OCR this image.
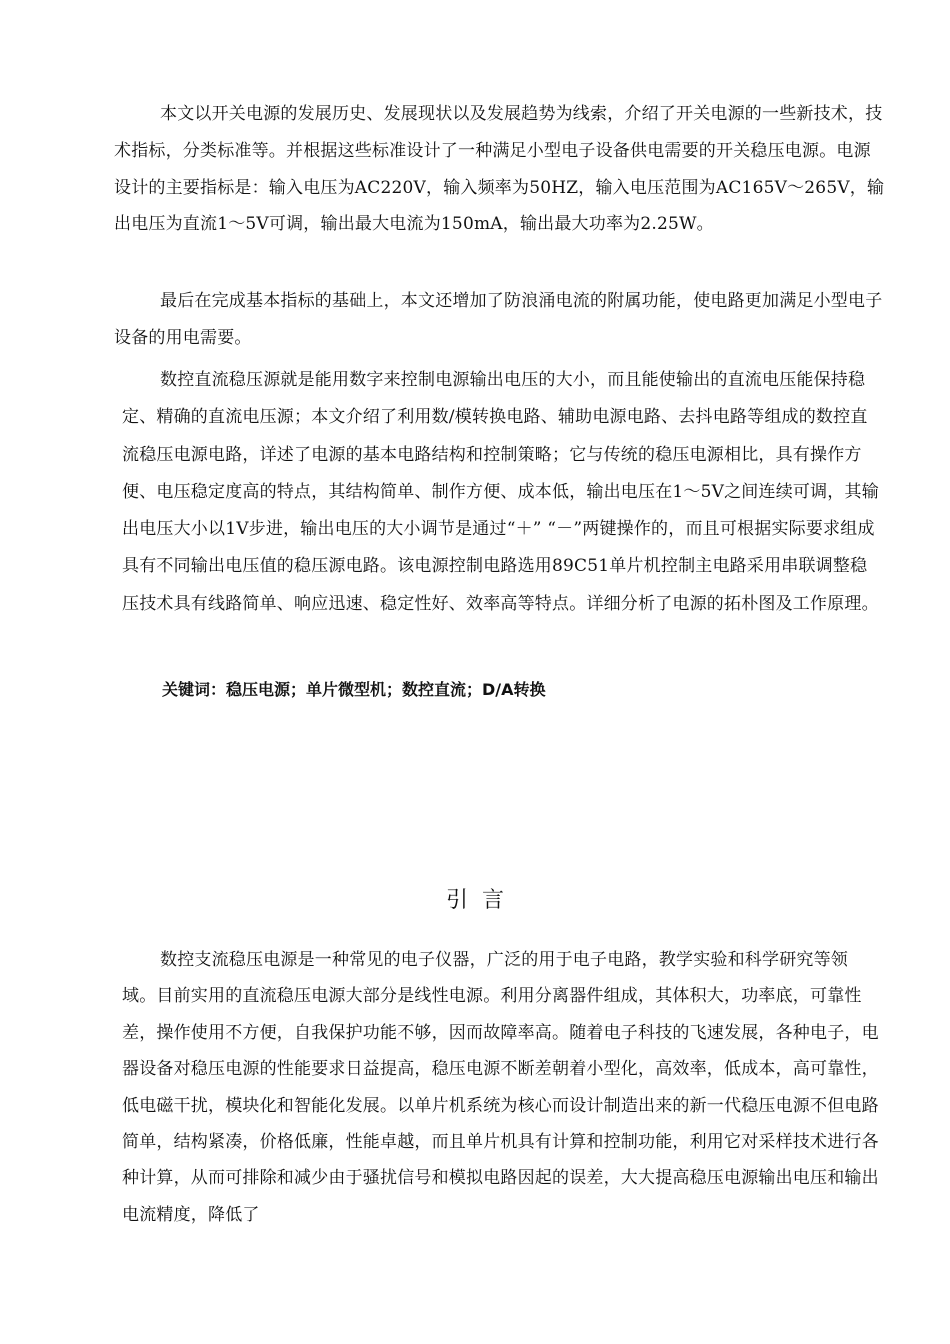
本文以开关电源的发展历史、发展现状以及发展趋势为线索，介绍了开关电源的一些新技术，技术指标，分类标准等。并根据这些标准设计了一种满足小型电子设备供电需要的开关稳压电源。电源设计的主要指标是：输入电压为AC220V，输入频率为50HZ，输入电压范围为AC165V～265V，输出电压为直流1～5V可调，输出最大电流为150mA，输出最大功率为2.25W。

最后在完成基本指标的基础上，本文还增加了防浪涌电流的附属功能，使电路更加满足小型电子设备的用电需要。

数控直流稳压源就是能用数字来控制电源输出电压的大小，而且能使输出的直流电压能保持稳定、精确的直流电压源；本文介绍了利用数/模转换电路、辅助电源电路、去抖电路等组成的数控直流稳压电源电路，详述了电源的基本电路结构和控制策略；它与传统的稳压电源相比，具有操作方便、电压稳定度高的特点，其结构简单、制作方便、成本低，输出电压在1～5V之间连续可调，其输出电压大小以1V步进，输出电压的大小调节是通过“＋” “－”两键操作的，而且可根据实际要求组成具有不同输出电压值的稳压源电路。该电源控制电路选用89C51单片机控制主电路采用串联调整稳压技术具有线路简单、响应迅速、稳定性好、效率高等特点。详细分析了电源的拓朴图及工作原理。

关键词：稳压电源；单片微型机；数控直流；D/A转换

引言

数控支流稳压电源是一种常见的电子仪器，广泛的用于电子电路，教学实验和科学研究等领域。目前实用的直流稳压电源大部分是线性电源。利用分离器件组成，其体积大，功率底，可靠性差，操作使用不方便，自我保护功能不够，因而故障率高。随着电子科技的飞速发展，各种电子，电器设备对稳压电源的性能要求日益提高，稳压电源不断差朝着小型化，高效率，低成本，高可靠性，低电磁干扰，模块化和智能化发展。以单片机系统为核心而设计制造出来的新一代稳压电源不但电路简单，结构紧凑，价格低廉，性能卓越，而且单片机具有计算和控制功能，利用它对采样技术进行各种计算，从而可排除和减少由于骚扰信号和模拟电路因起的误差，大大提高稳压电源输出电压和输出电流精度，降低了
